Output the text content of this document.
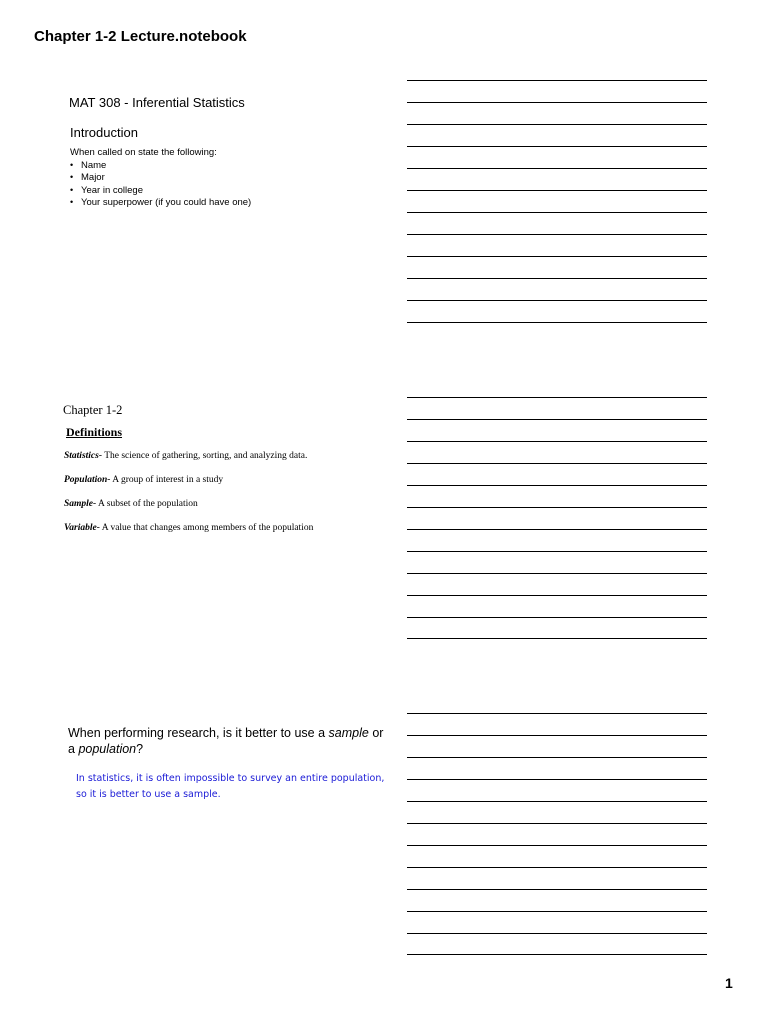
Chapter 1-2 Lecture.notebook
MAT 308 - Inferential Statistics
Introduction
When called on state the following:
• Name
• Major
• Year in college
• Your superpower (if you could have one)
Chapter 1-2
Definitions
Statistics- The science of gathering, sorting, and analyzing data.
Population- A group of interest in a study
Sample- A subset of the population
Variable- A value that changes among members of the population
When performing research, is it better to use a sample or a population?
In statistics, it is often impossible to survey an entire population, so it is better to use a sample.
1
